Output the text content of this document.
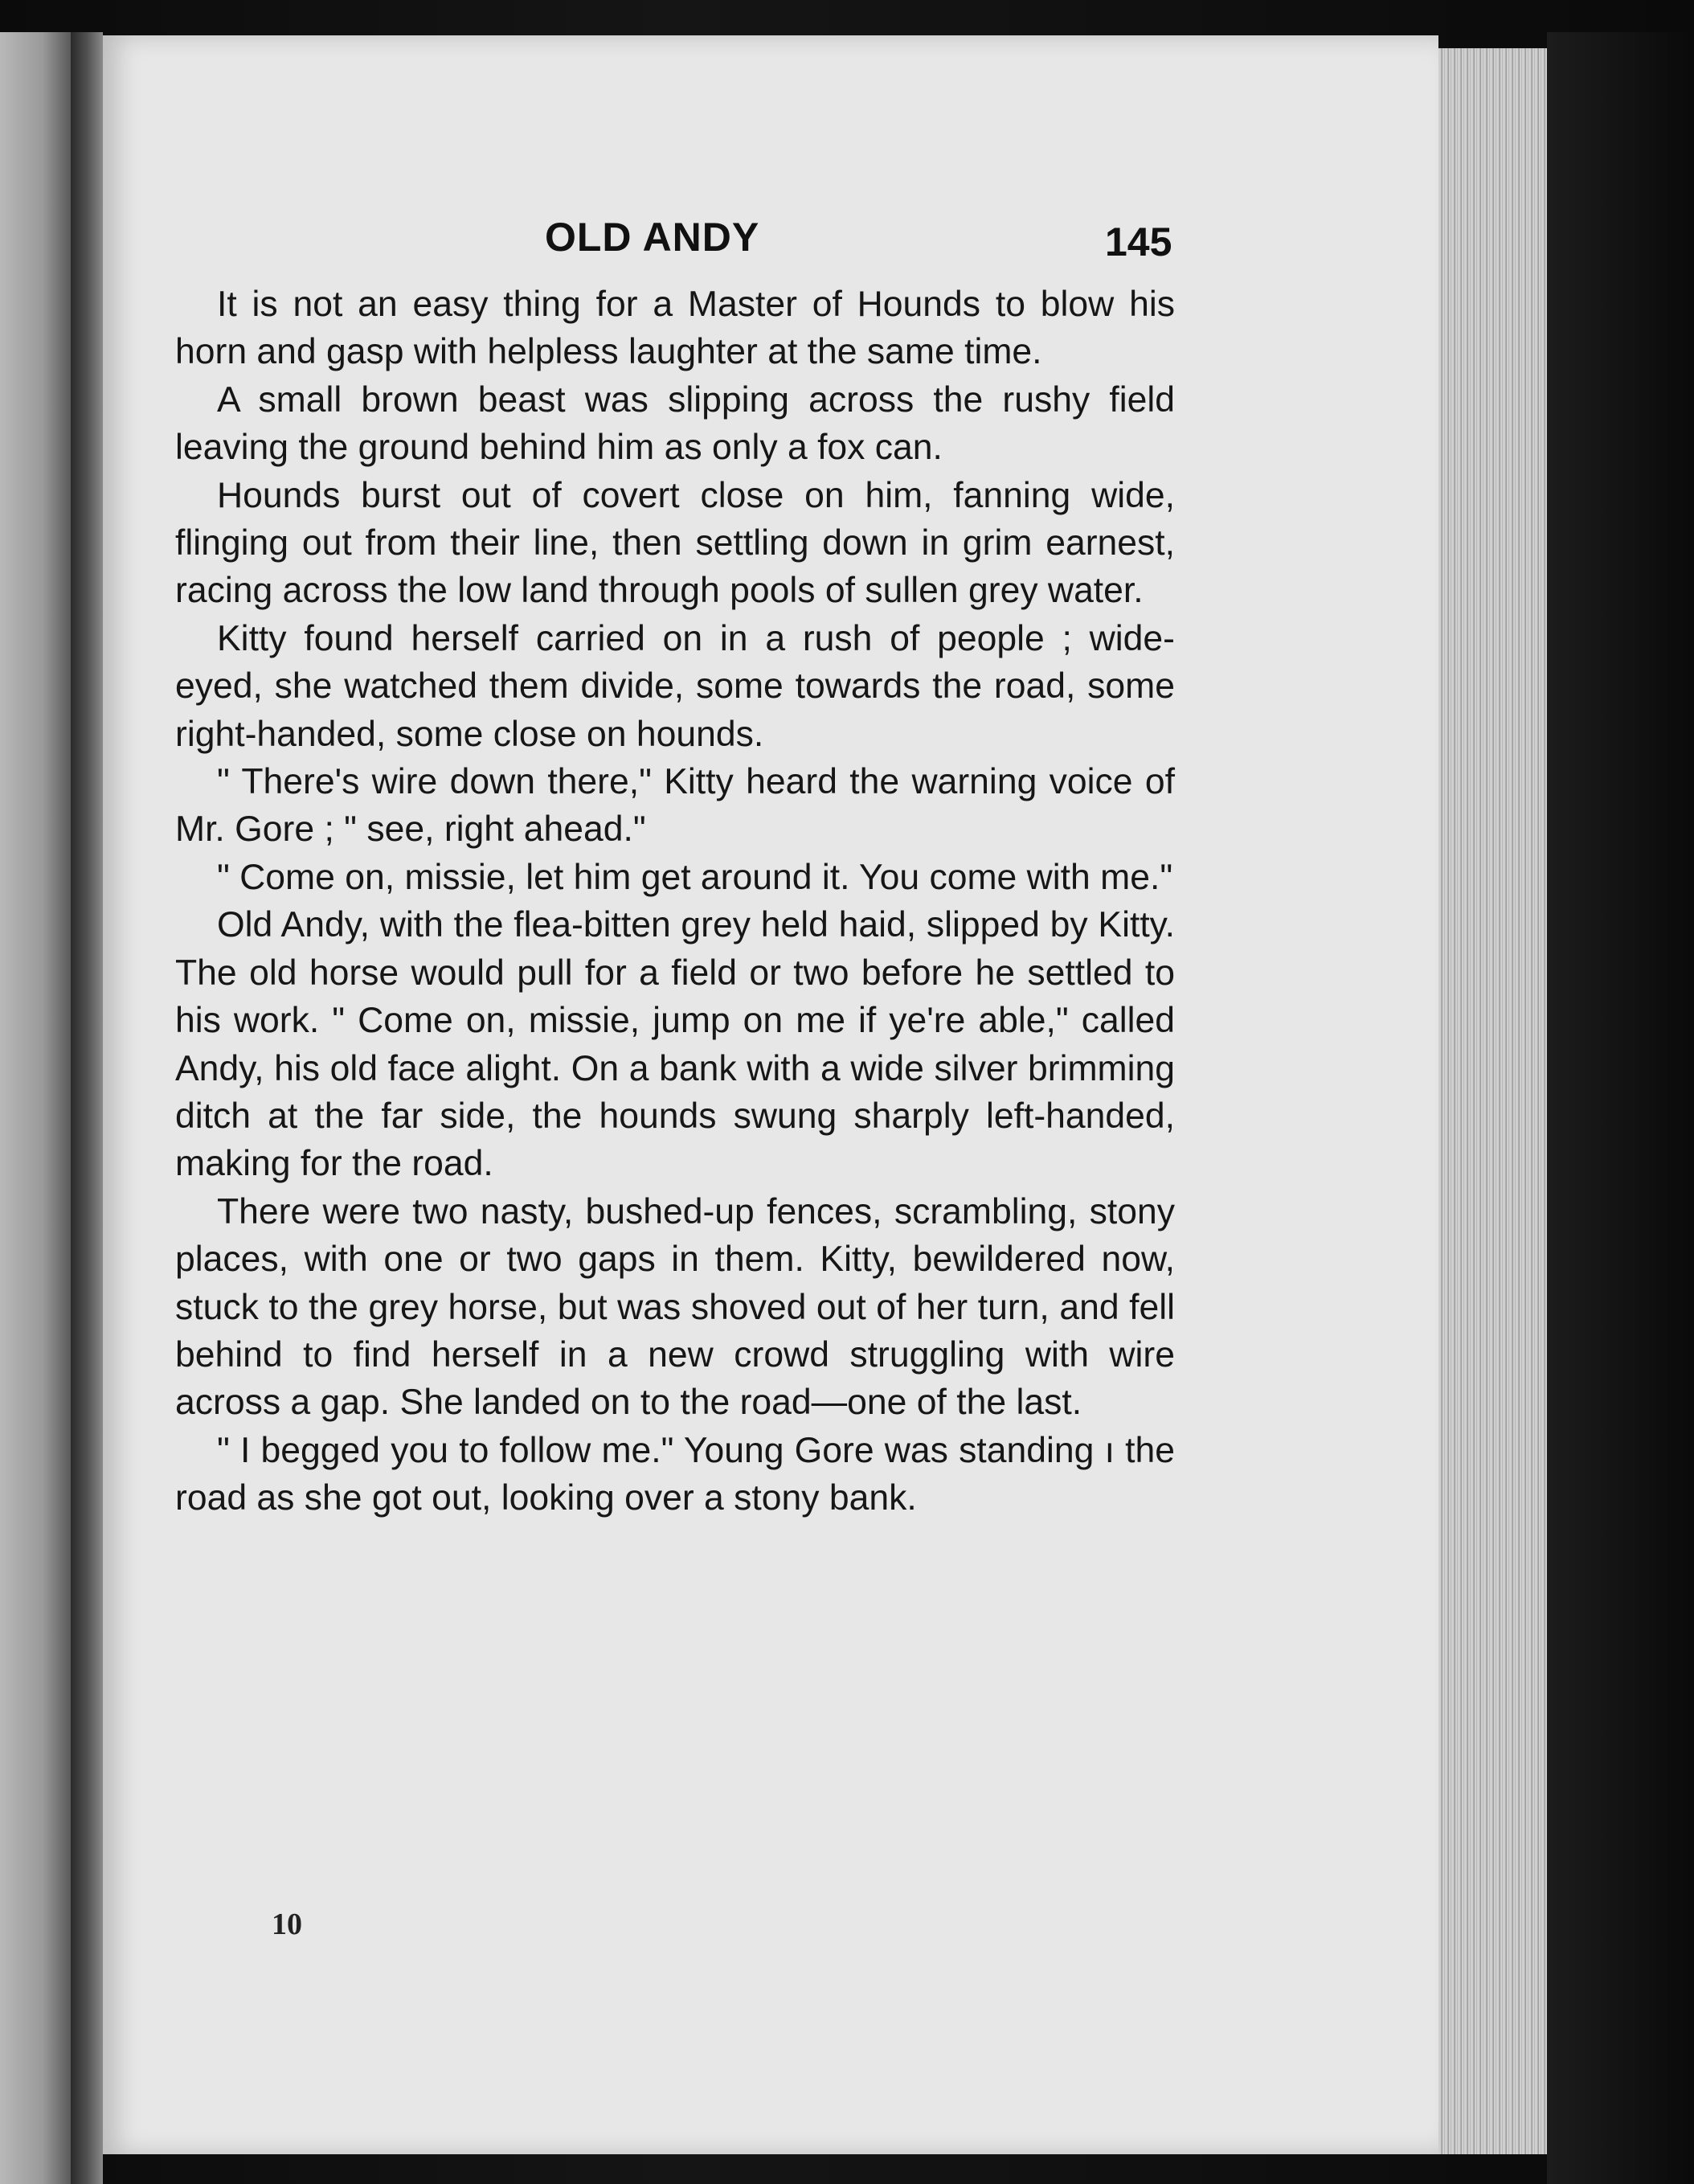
OLD ANDY	145

It is not an easy thing for a Master of Hounds to blow his horn and gasp with helpless laughter at the same time.

A small brown beast was slipping across the rushy field leaving the ground behind him as only a fox can.

Hounds burst out of covert close on him, fanning wide, flinging out from their line, then settling down in grim earnest, racing across the low land through pools of sullen grey water.

Kitty found herself carried on in a rush of people ; wide-eyed, she watched them divide, some towards the road, some right-handed, some close on hounds.

" There's wire down there," Kitty heard the warning voice of Mr. Gore ; " see, right ahead."

" Come on, missie, let him get around it. You come with me."

Old Andy, with the flea-bitten grey held haid, slipped by Kitty. The old horse would pull for a field or two before he settled to his work. " Come on, missie, jump on me if ye're able," called Andy, his old face alight. On a bank with a wide silver brimming ditch at the far side, the hounds swung sharply left-handed, making for the road.

There were two nasty, bushed-up fences, scrambling, stony places, with one or two gaps in them. Kitty, bewildered now, stuck to the grey horse, but was shoved out of her turn, and fell behind to find herself in a new crowd struggling with wire across a gap. She landed on to the road—one of the last.

" I begged you to follow me." Young Gore was standing ı the road as she got out, looking over a stony bank.

10
